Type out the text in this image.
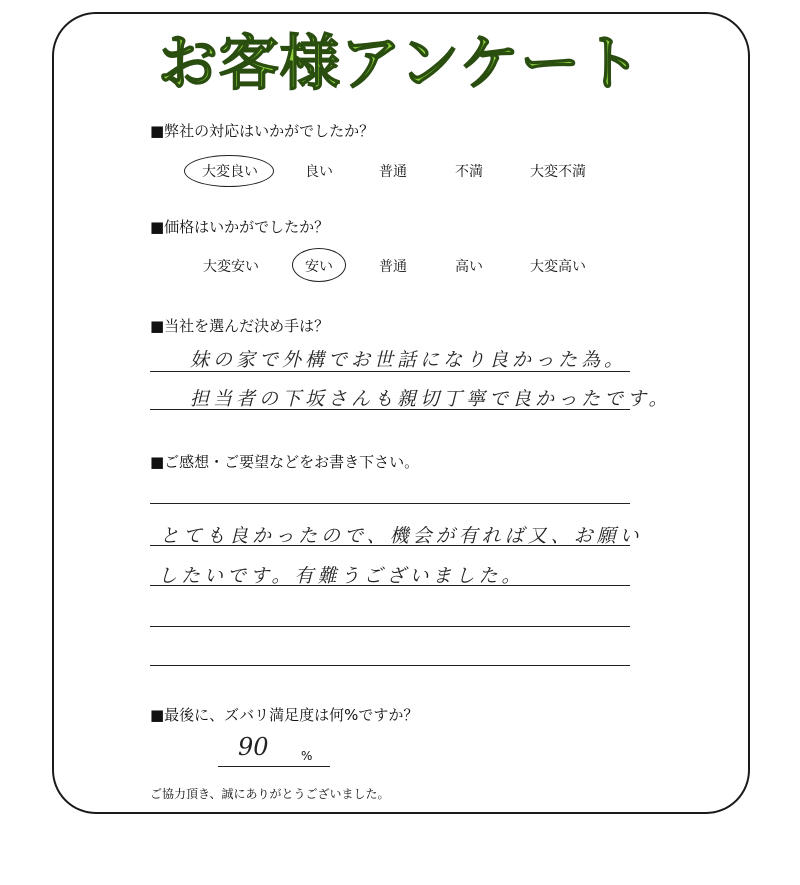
お客様アンケート
■弊社の対応はいかがでしたか？
大変良い	良い	普通	不満	大変不満
■価格はいかがでしたか？
大変安い	安い	普通	高い	大変高い
■当社を選んだ決め手は？
妹の家で外構でお世話になり良かった為。
担当者の下坂さんも親切丁寧で良かったです。
■ご感想・ご要望などをお書き下さい。
とても良かったので、機会が有れば又、お願い
したいです。有難うございました。
■最後に、ズバリ満足度は何%ですか？
90	%
ご協力頂き、誠にありがとうございました。
